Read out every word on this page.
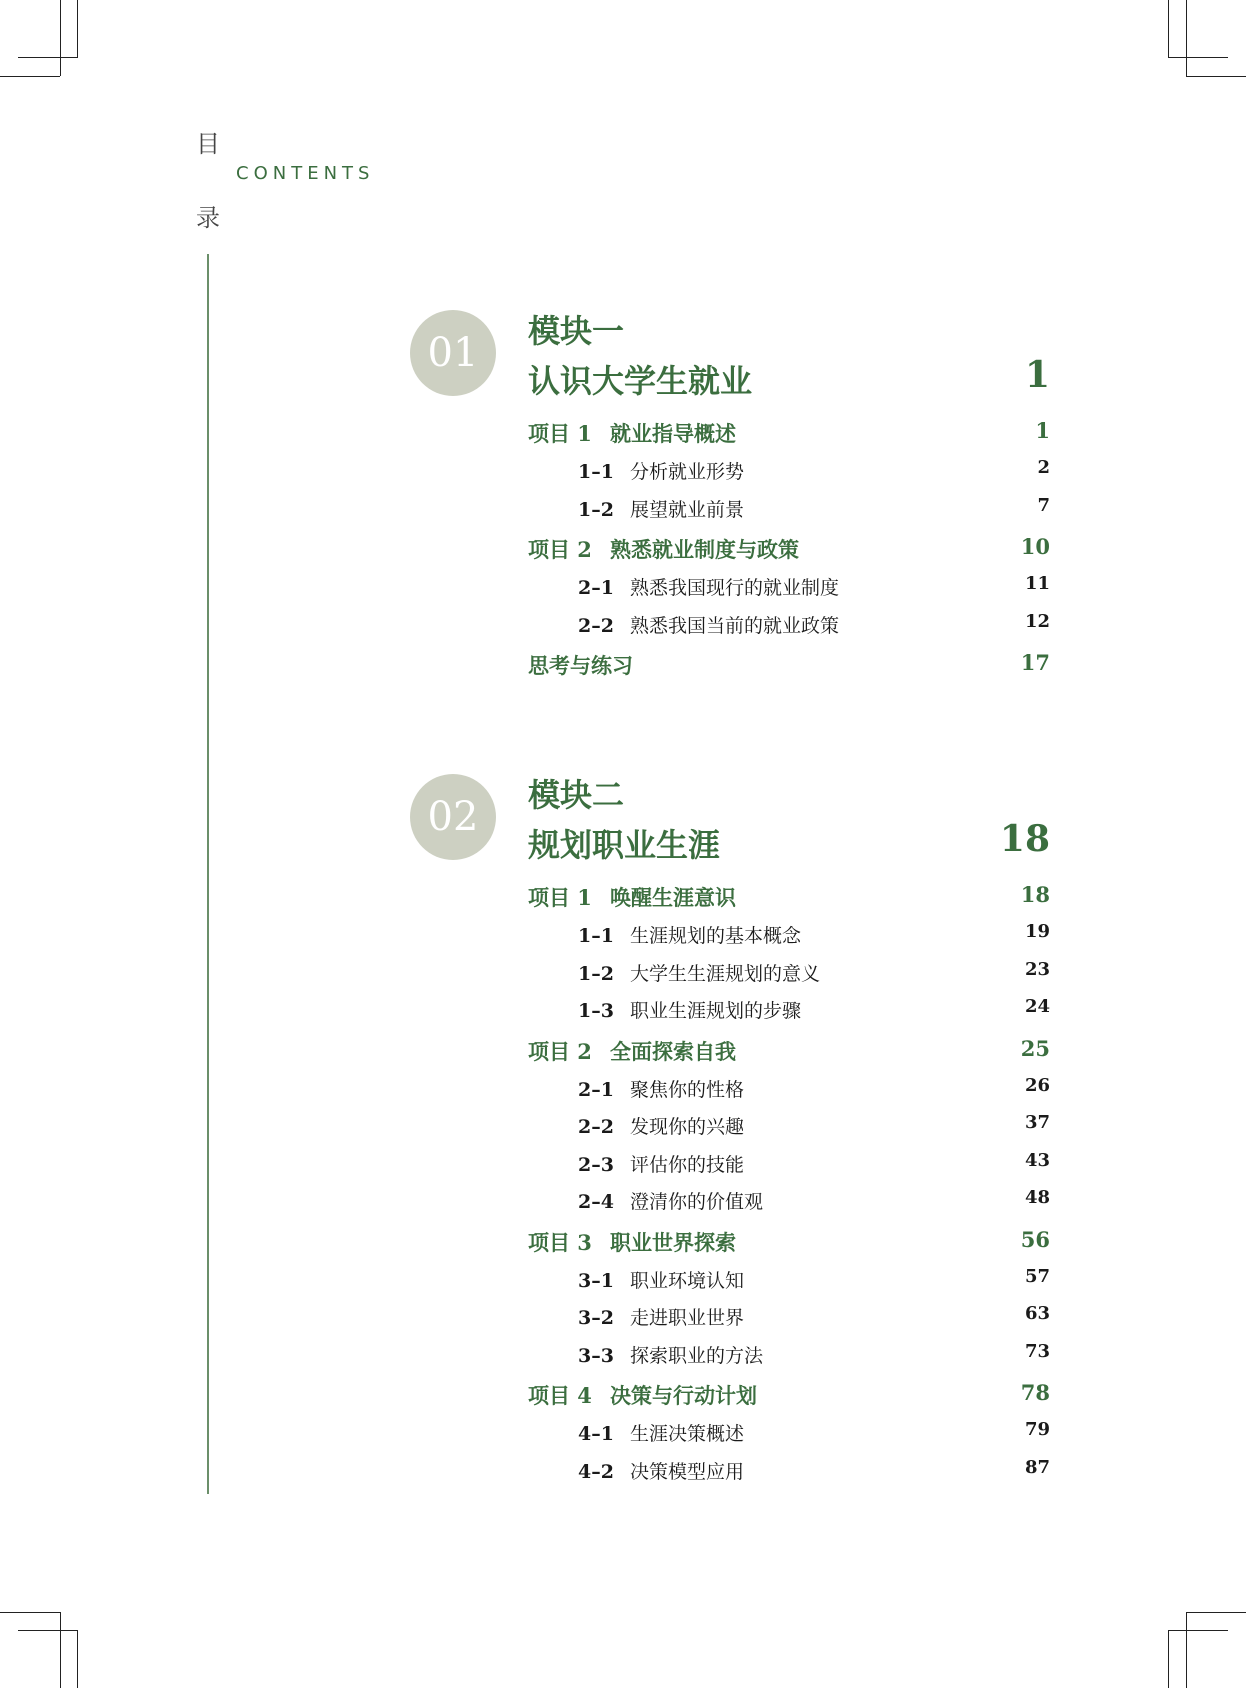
目
CONTENTS
录
01	模块一
认识大学生就业	1
项目 1 就业指导概述	1
1–1 分析就业形势	2
1–2 展望就业前景	7
项目 2 熟悉就业制度与政策	10
2–1 熟悉我国现行的就业制度	11
2–2 熟悉我国当前的就业政策	12
思考与练习	17
02	模块二
规划职业生涯	18
项目 1 唤醒生涯意识	18
1–1 生涯规划的基本概念	19
1–2 大学生生涯规划的意义	23
1–3 职业生涯规划的步骤	24
项目 2 全面探索自我	25
2–1 聚焦你的性格	26
2–2 发现你的兴趣	37
2–3 评估你的技能	43
2–4 澄清你的价值观	48
项目 3 职业世界探索	56
3–1 职业环境认知	57
3–2 走进职业世界	63
3–3 探索职业的方法	73
项目 4 决策与行动计划	78
4–1 生涯决策概述	79
4–2 决策模型应用	87
